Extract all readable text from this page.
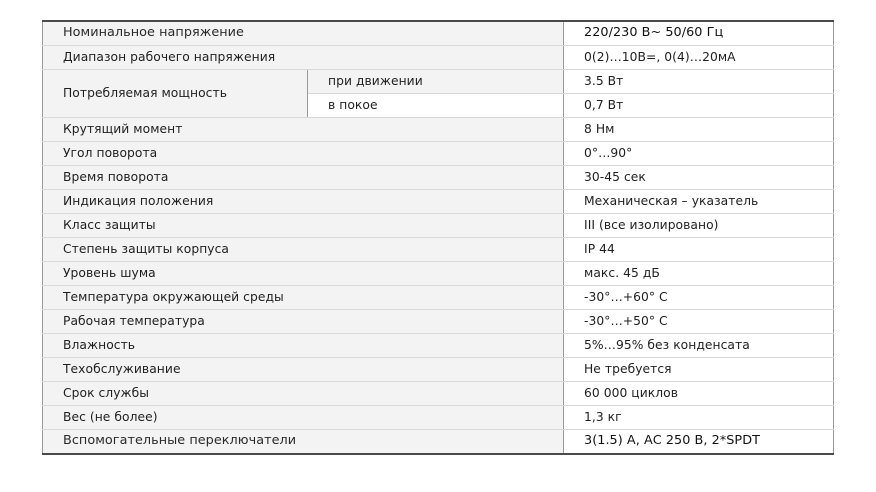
Номинальное напряжение		220/230 В~ 50/60 Гц
Диапазон рабочего напряжения		0(2)…10В=, 0(4)…20мА
Потребляемая мощность	при движении	3.5 Вт
	в покое	0,7 Вт
Крутящий момент		8 Нм
Угол поворота		0°…90°
Время поворота		30-45 сек
Индикация положения		Механическая – указатель
Класс защиты		III (все изолировано)
Степень защиты корпуса		IP 44
Уровень шума		макс. 45 дБ
Температура окружающей среды		-30°…+60° С
Рабочая температура		-30°…+50° С
Влажность		5%…95% без конденсата
Техобслуживание		Не требуется
Срок службы		60 000 циклов
Вес (не более)		1,3 кг
Вспомогательные переключатели		3(1.5) А, АС 250 В, 2*SPDT
